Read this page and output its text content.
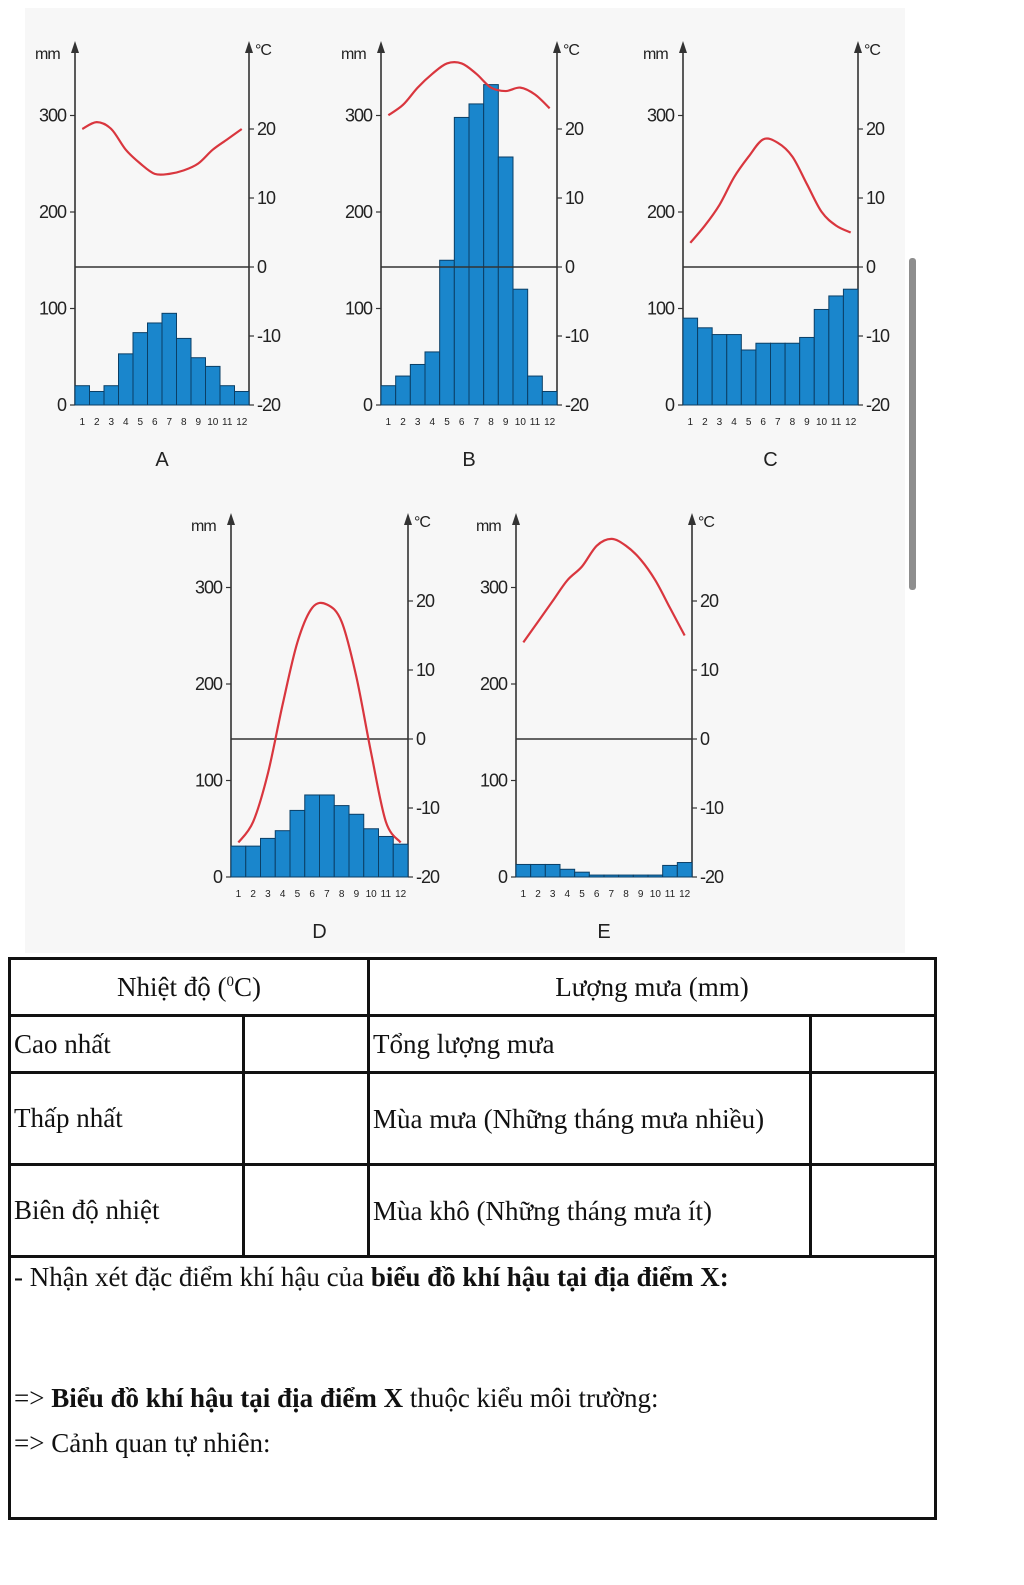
mm	°C
0
100
200
300
-20
-10
0
10
20
1 2 3 4 5 6 7 8 9 10 11 12
A
mm	°C
0
100
200
300
-20
-10
0
10
20
1 2 3 4 5 6 7 8 9 10 11 12
B
mm	°C
0
100
200
300
-20
-10
0
10
20
1 2 3 4 5 6 7 8 9 10 11 12
C
mm	°C
0
100
200
300
-20
-10
0
10
20
1 2 3 4 5 6 7 8 9 10 11 12
D
mm	°C
0
100
200
300
-20
-10
0
10
20
1 2 3 4 5 6 7 8 9 10 11 12
E
Nhiệt độ ($^0$C)		Lượng mưa (mm)	
Cao nhất		Tổng lượng mưa	
Thấp nhất		Mùa mưa (Những tháng mưa nhiều)	
Biên độ nhiệt		Mùa khô (Những tháng mưa ít)	

- Nhận xét đặc điểm khí hậu của biểu đồ khí hậu tại địa điểm X:

=> Biểu đồ khí hậu tại địa điểm X thuộc kiểu môi trường:

=> Cảnh quan tự nhiên:			
